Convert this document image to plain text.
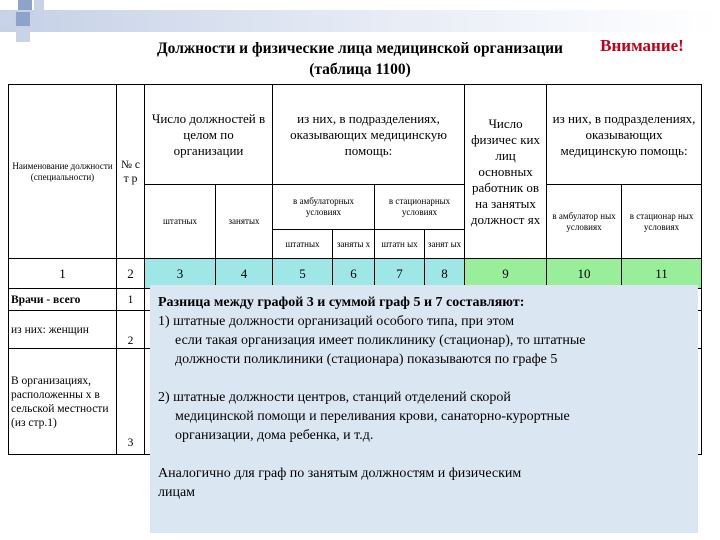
Должности и физические лица медицинской организации
(таблица 1100)
Внимание!
Наименование должности (специальности)	№ с т р	Число должностей в целом по организации		из них, в подразделениях, оказывающих медицинскую помощь:				Число физичес ких лиц основных работник ов на занятых должност ях	из них, в подразделениях, оказывающих медицинскую помощь:	
		штатных	занятых	в амбулаторных условиях		в стационарных условиях			в амбулатор ных условиях	в стационар ных условиях
				штатных	заняты х	штатн ых	занят ых			
1	2	3	4	5	6	7	8	9	10	11
Врачи - всего	1									
из них: женщин	2									
В организациях, расположенны х в сельской местности (из стр.1)	3									
Разница между графой 3 и суммой граф 5 и 7 составляют:
1) штатные должности организаций особого типа, при этом
если такая организация имеет поликлинику (стационар), то штатные
должности поликлиники (стационара) показываются по графе 5
2) штатные должности центров, станций отделений скорой
медицинской помощи и переливания крови, санаторно-курортные
организации, дома ребенка, и т.д.
Аналогично для граф по занятым должностям и физическим
лицам
